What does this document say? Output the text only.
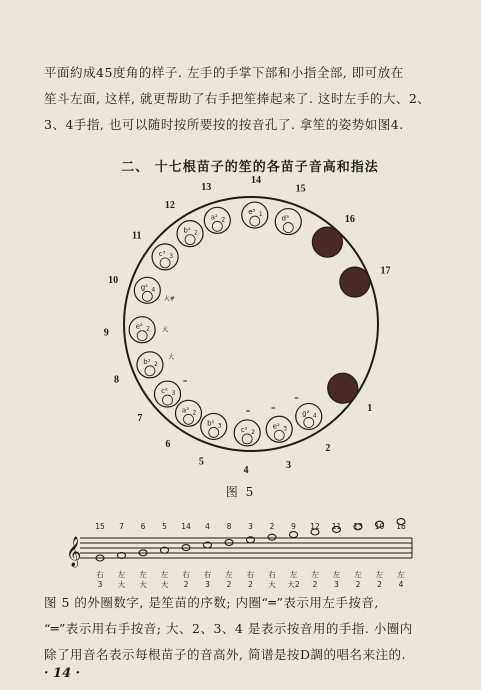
平面約成45度角的样子. 左手的手掌下部和小指全部, 即可放在
笙斗左面, 这样, 就更帮助了右手把笙捧起来了. 这时左手的大、2、
3、4手指, 也可以随时按所要按的按音孔了. 拿笙的姿势如图4.
二、 十七根苗子的笙的各苗子音高和指法
1
g² 4
2
=
e² 3
3
=
c² 2
4
=
b¹ 3
5
a² 2
6
c² 3
7
=
b¹ 2
8
大
e² 2
9	大
g² 4
10
大#
c³ 3
11
b² 2
12
a² 2
13
e³ 1
14
d³
15
16
17
𝄞
15
右
3
7
左
大
6
左
大
5
左
大
14
右
2
4
右
3
8
左
2
3
右
2
2
右
大
9
左
大2
12
左
2
11
左
3
13
左
2
10
左
2
16
左
4
图 5
图 5 的外圈数字, 是笙苗的序数; 内圈“═”表示用左手按音,
“═”表示用右手按音; 大、2、3、4 是表示按音用的手指. 小圈内
除了用音名表示每根苗子的音高外, 简谱是按D調的唱名来注的.
· 14 ·
